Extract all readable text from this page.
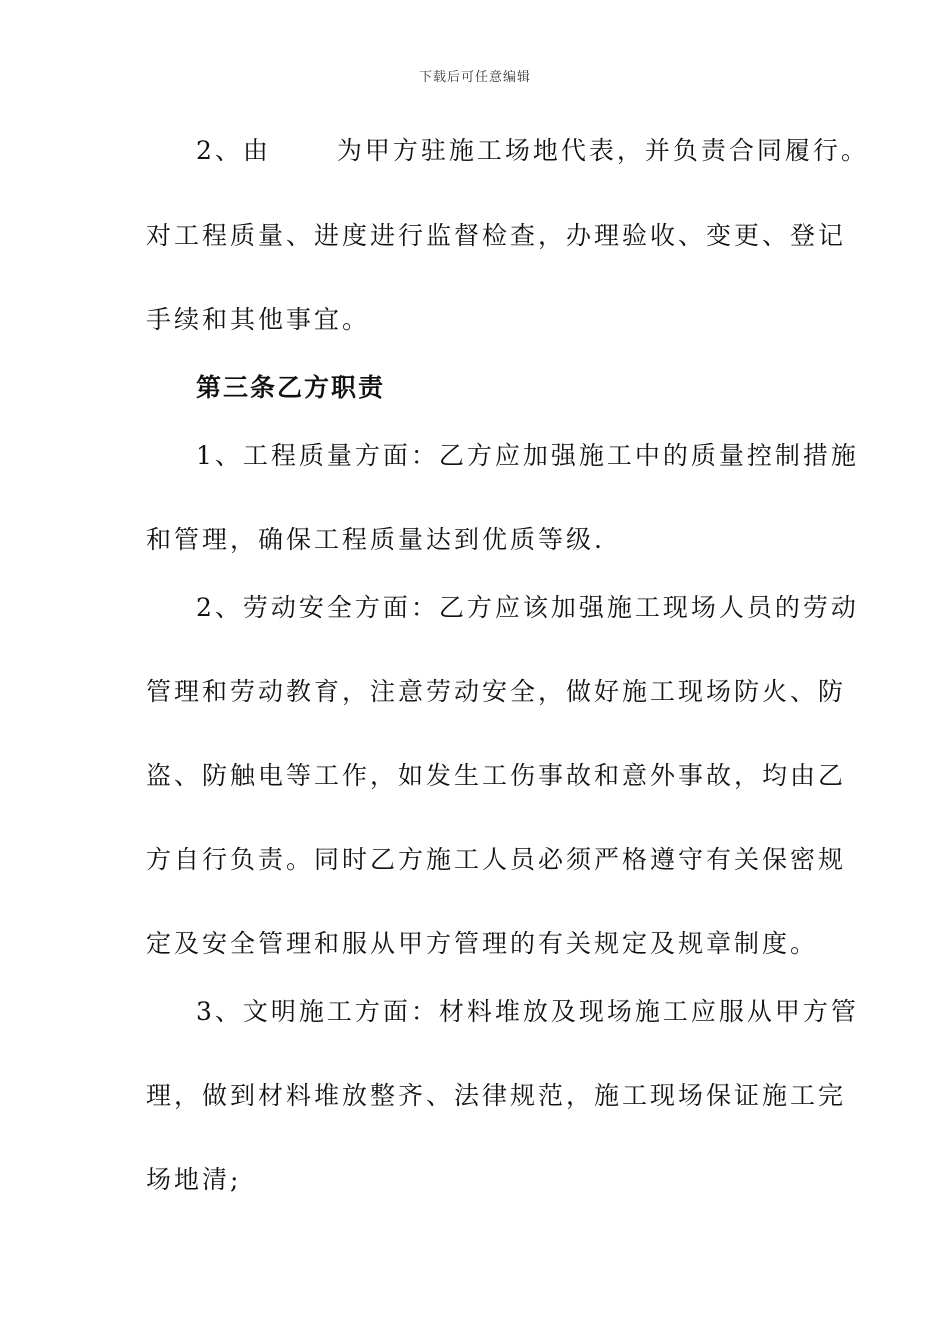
下载后可任意编辑
2、由	为甲方驻施工场地代表，并负责合同履行。
对工程质量、进度进行监督检查，办理验收、变更、登记
手续和其他事宜。
第三条乙方职责
1、工程质量方面：乙方应加强施工中的质量控制措施
和管理，确保工程质量达到优质等级.
2、劳动安全方面：乙方应该加强施工现场人员的劳动
管理和劳动教育，注意劳动安全，做好施工现场防火、防
盗、防触电等工作，如发生工伤事故和意外事故，均由乙
方自行负责。同时乙方施工人员必须严格遵守有关保密规
定及安全管理和服从甲方管理的有关规定及规章制度。
3、文明施工方面：材料堆放及现场施工应服从甲方管
理，做到材料堆放整齐、法律规范，施工现场保证施工完
场地清;
